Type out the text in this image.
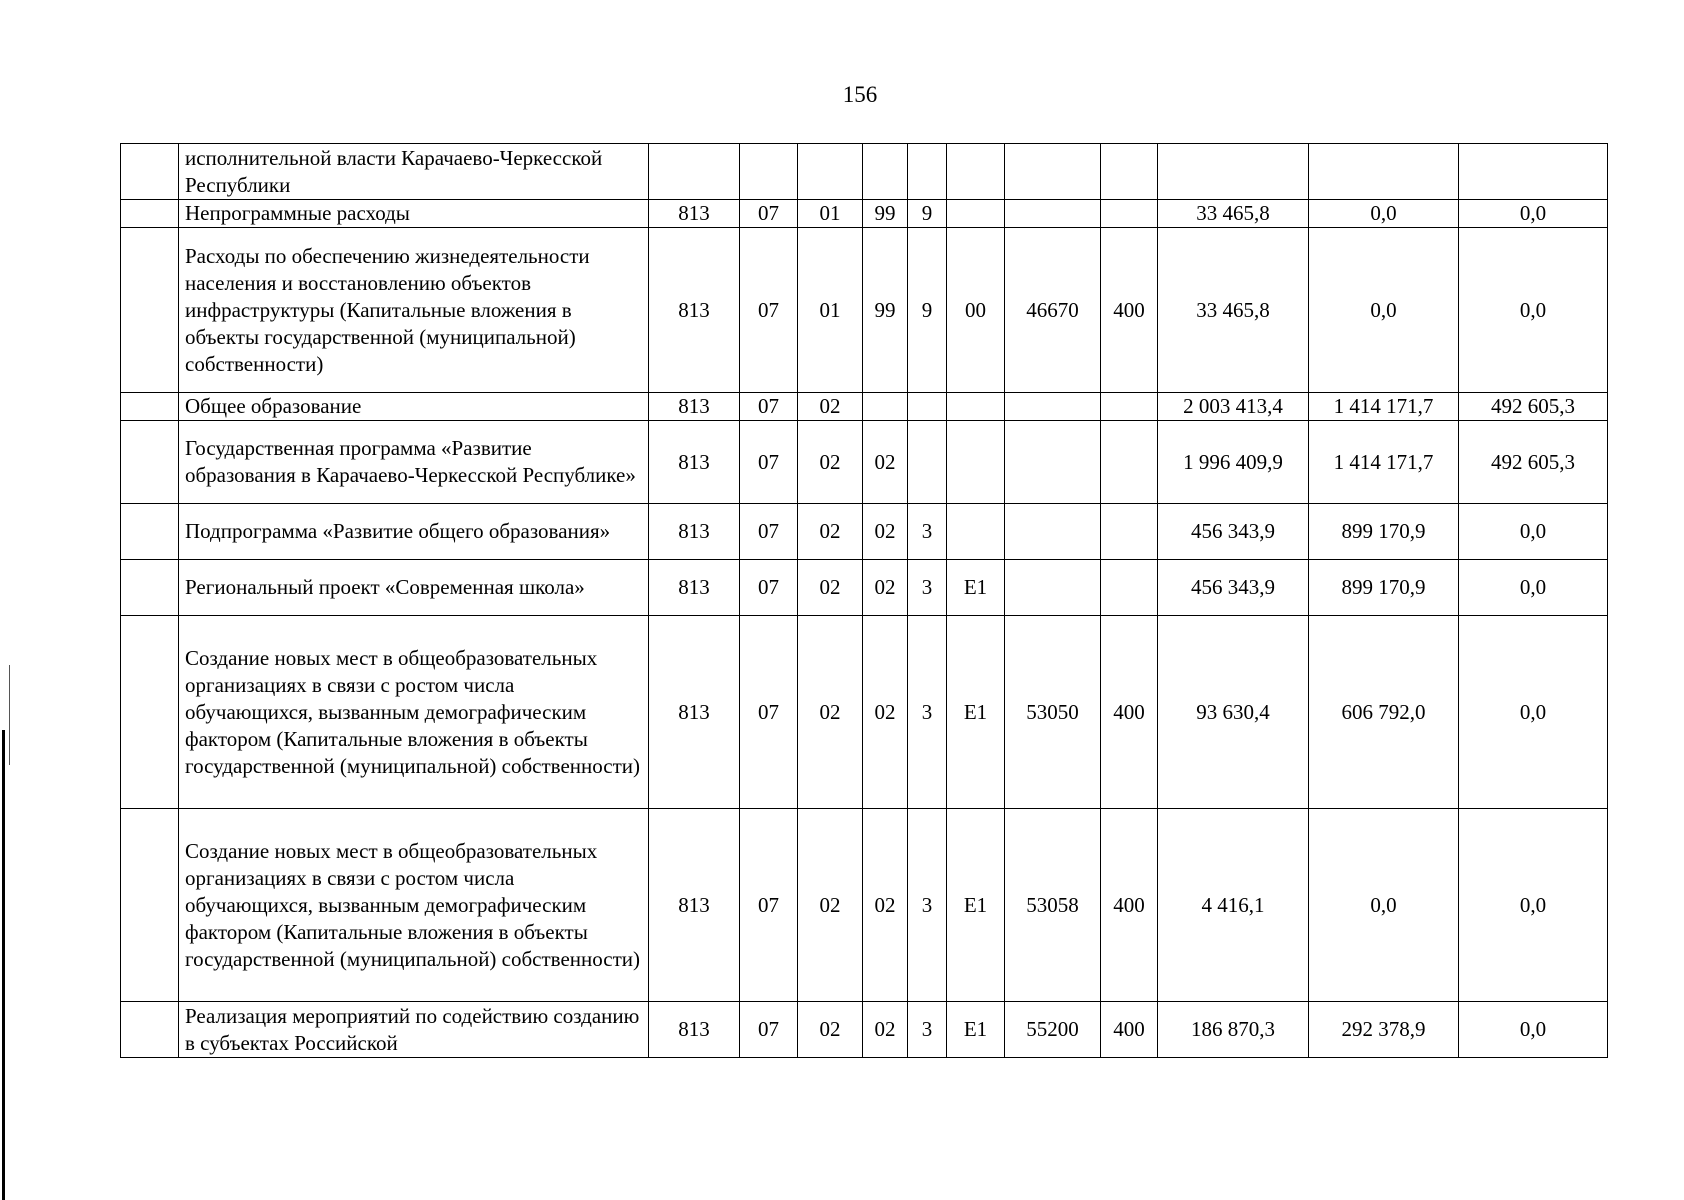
156
	исполнительной власти Карачаево-Черкесской Республики											
	Непрограммные расходы	813	07	01	99	9				33 465,8	0,0	0,0
	Расходы по обеспечению жизнедеятельности населения и восстановлению объектов инфраструктуры (Капитальные вложения в объекты государственной (муниципальной) собственности)	813	07	01	99	9	00	46670	400	33 465,8	0,0	0,0
	Общее образование	813	07	02						2 003 413,4	1 414 171,7	492 605,3
	Государственная программа «Развитие образования в Карачаево-Черкесской Республике»	813	07	02	02					1 996 409,9	1 414 171,7	492 605,3
	Подпрограмма «Развитие общего образования»	813	07	02	02	3				456 343,9	899 170,9	0,0
	Региональный проект «Современная школа»	813	07	02	02	3	E1			456 343,9	899 170,9	0,0
	Создание новых мест в общеобразовательных организациях в связи с ростом числа обучающихся, вызванным демографическим фактором (Капитальные вложения в объекты государственной (муниципальной) собственности)	813	07	02	02	3	E1	53050	400	93 630,4	606 792,0	0,0
	Создание новых мест в общеобразовательных организациях в связи с ростом числа обучающихся, вызванным демографическим фактором (Капитальные вложения в объекты государственной (муниципальной) собственности)	813	07	02	02	3	E1	53058	400	4 416,1	0,0	0,0
	Реализация мероприятий по содействию созданию в субъектах Российской	813	07	02	02	3	E1	55200	400	186 870,3	292 378,9	0,0
